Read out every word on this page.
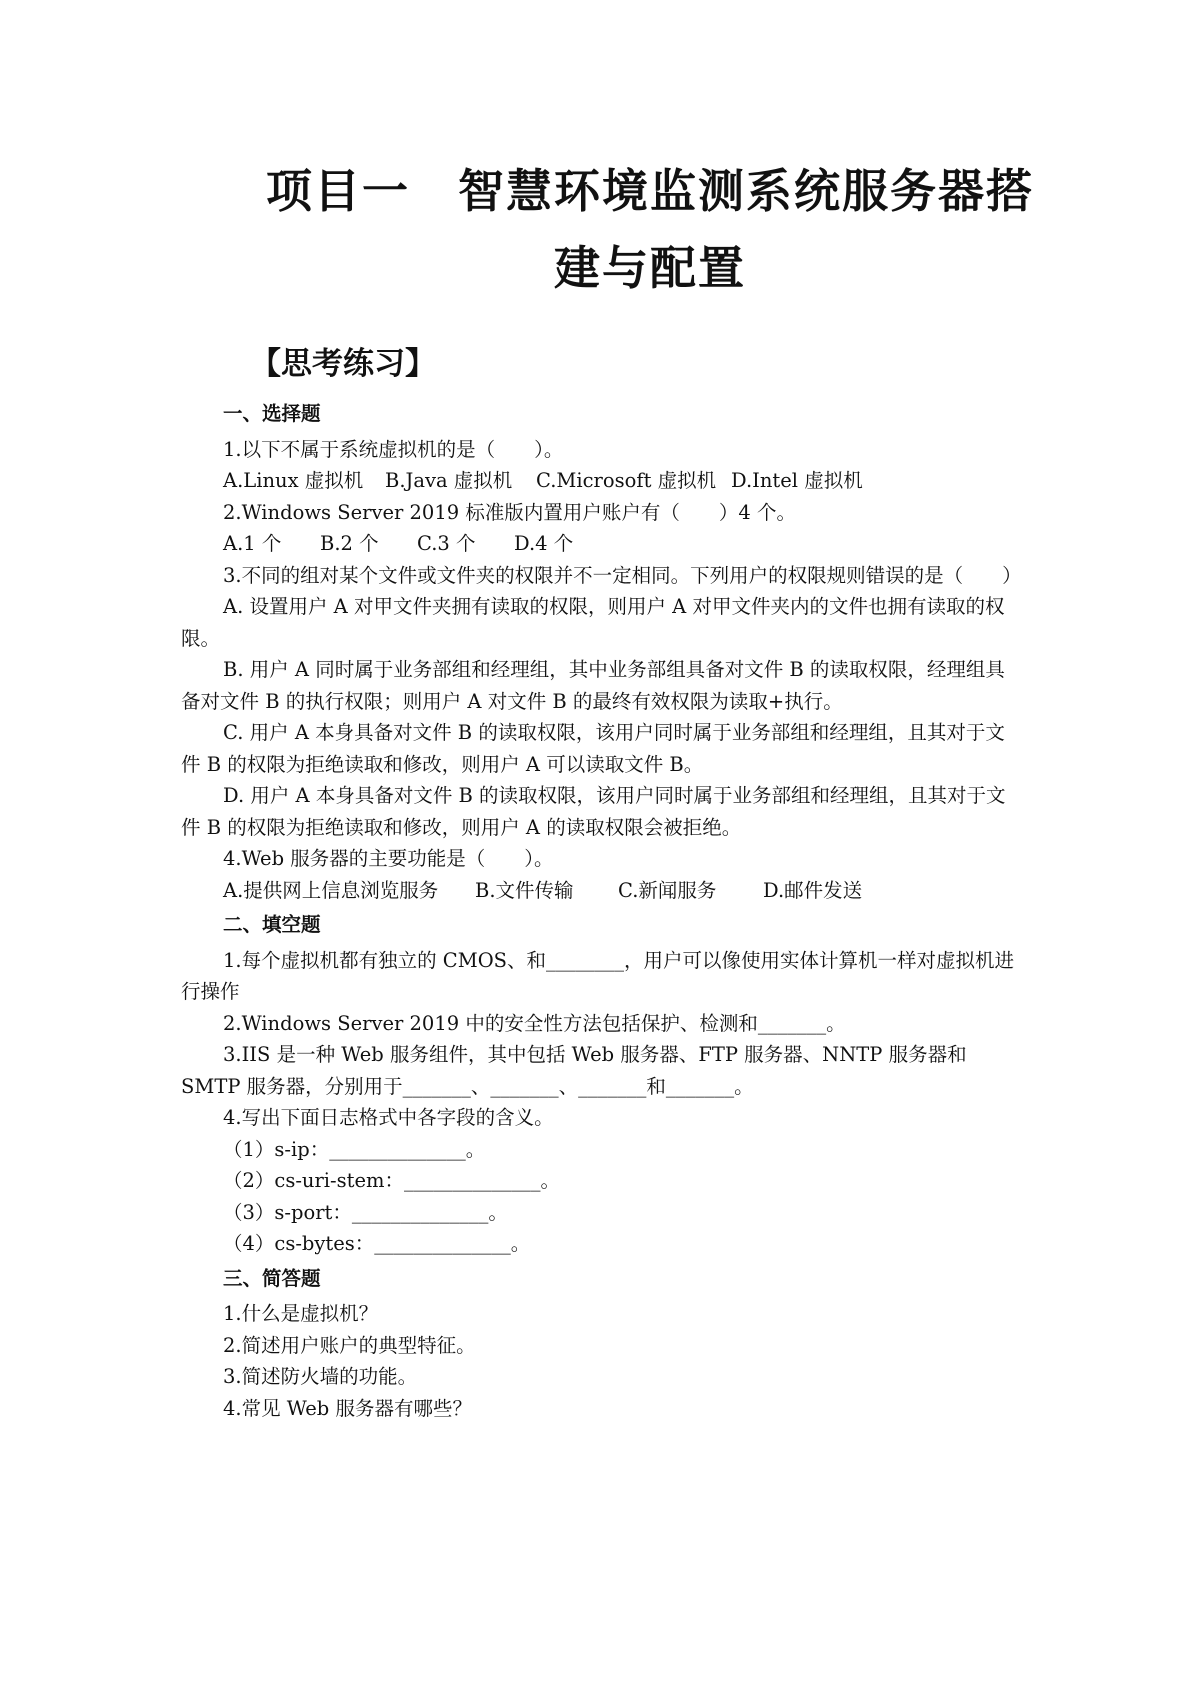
项目一　智慧环境监测系统服务器搭
建与配置
【思考练习】

一、选择题

1.以下不属于系统虚拟机的是（　　）。

A.Linux 虚拟机 B.Java 虚拟机 C.Microsoft 虚拟机 D.Intel 虚拟机

2.Windows Server 2019 标准版内置用户账户有（　　）4 个。

A.1 个 B.2 个 C.3 个 D.4 个

3.不同的组对某个文件或文件夹的权限并不一定相同。下列用户的权限规则错误的是（　　）

A. 设置用户 A 对甲文件夹拥有读取的权限，则用户 A 对甲文件夹内的文件也拥有读取的权限。

B. 用户 A 同时属于业务部组和经理组，其中业务部组具备对文件 B 的读取权限，经理组具备对文件 B 的执行权限；则用户 A 对文件 B 的最终有效权限为读取+执行。

C. 用户 A 本身具备对文件 B 的读取权限，该用户同时属于业务部组和经理组，且其对于文件 B 的权限为拒绝读取和修改，则用户 A 可以读取文件 B。

D. 用户 A 本身具备对文件 B 的读取权限，该用户同时属于业务部组和经理组，且其对于文件 B 的权限为拒绝读取和修改，则用户 A 的读取权限会被拒绝。

4.Web 服务器的主要功能是（　　）。

A.提供网上信息浏览服务 B.文件传输 C.新闻服务 D.邮件发送

二、填空题

1.每个虚拟机都有独立的 CMOS、和________，用户可以像使用实体计算机一样对虚拟机进行操作

2.Windows Server 2019 中的安全性方法包括保护、检测和_______。

3.IIS 是一种 Web 服务组件，其中包括 Web 服务器、FTP 服务器、NNTP 服务器和 SMTP 服务器，分别用于_______、_______、_______和_______。

4.写出下面日志格式中各字段的含义。

（1）s-ip：______________。

（2）cs-uri-stem：______________。

（3）s-port：______________。

（4）cs-bytes：______________。

三、简答题

1.什么是虚拟机？

2.简述用户账户的典型特征。

3.简述防火墙的功能。

4.常见 Web 服务器有哪些？
